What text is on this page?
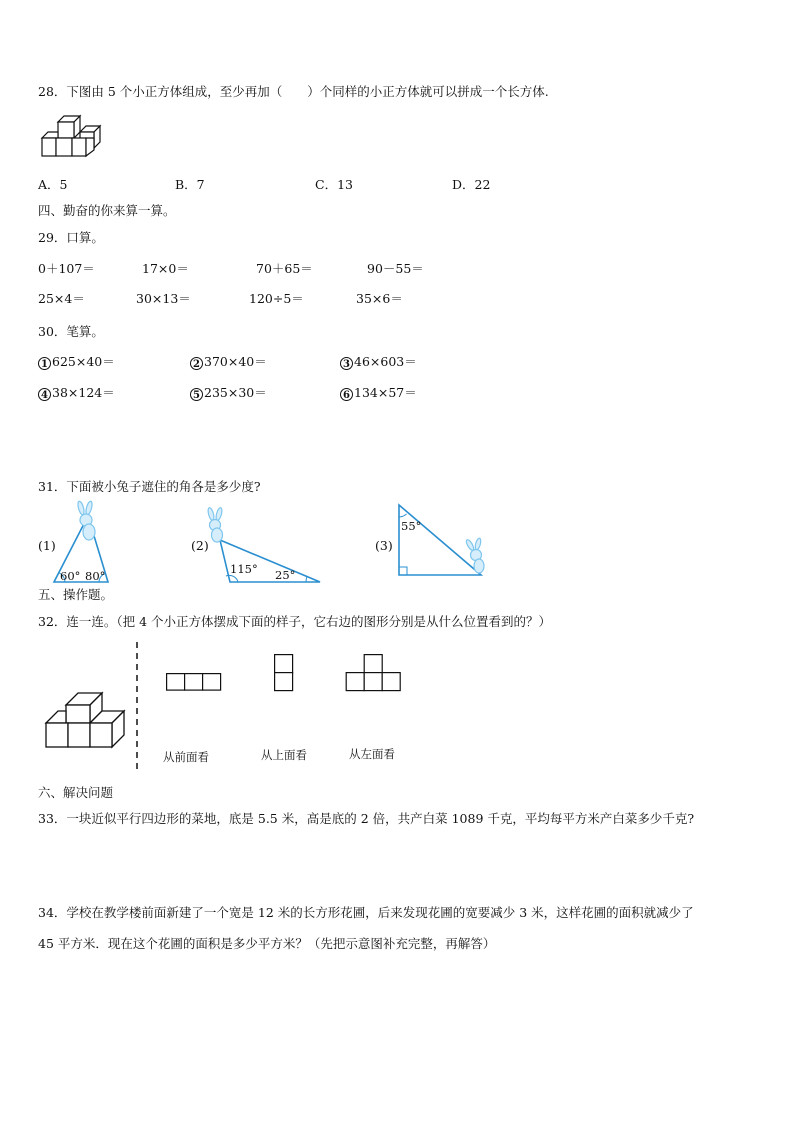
28．下图由 5 个小正方体组成，至少再加（　　）个同样的小正方体就可以拼成一个长方体.
A．5	B．7	C．13	D．22
四、勤奋的你来算一算。
29．口算。
0＋107＝	17×0＝	70＋65＝	90－55＝
25×4＝	30×13＝	120÷5＝	35×6＝
30．笔算。
1 625×40＝	2 370×40＝	3 46×603＝
4 38×124＝	5 235×30＝	6 134×57＝
31．下面被小兔子遮住的角各是多少度?
(1)	(2)	(3)
60° 80°	115° 25°
55°
五、操作题。
32．连一连。（把 4 个小正方体摆成下面的样子，它右边的图形分别是从什么位置看到的？）
从前面看	从上面看	从左面看
六、解决问题
33．一块近似平行四边形的菜地，底是 5.5 米，高是底的 2 倍，共产白菜 1089 千克，平均每平方米产白菜多少千克?
34．学校在教学楼前面新建了一个宽是 12 米的长方形花圃，后来发现花圃的宽要减少 3 米，这样花圃的面积就减少了
45 平方米．现在这个花圃的面积是多少平方米？（先把示意图补充完整，再解答）
